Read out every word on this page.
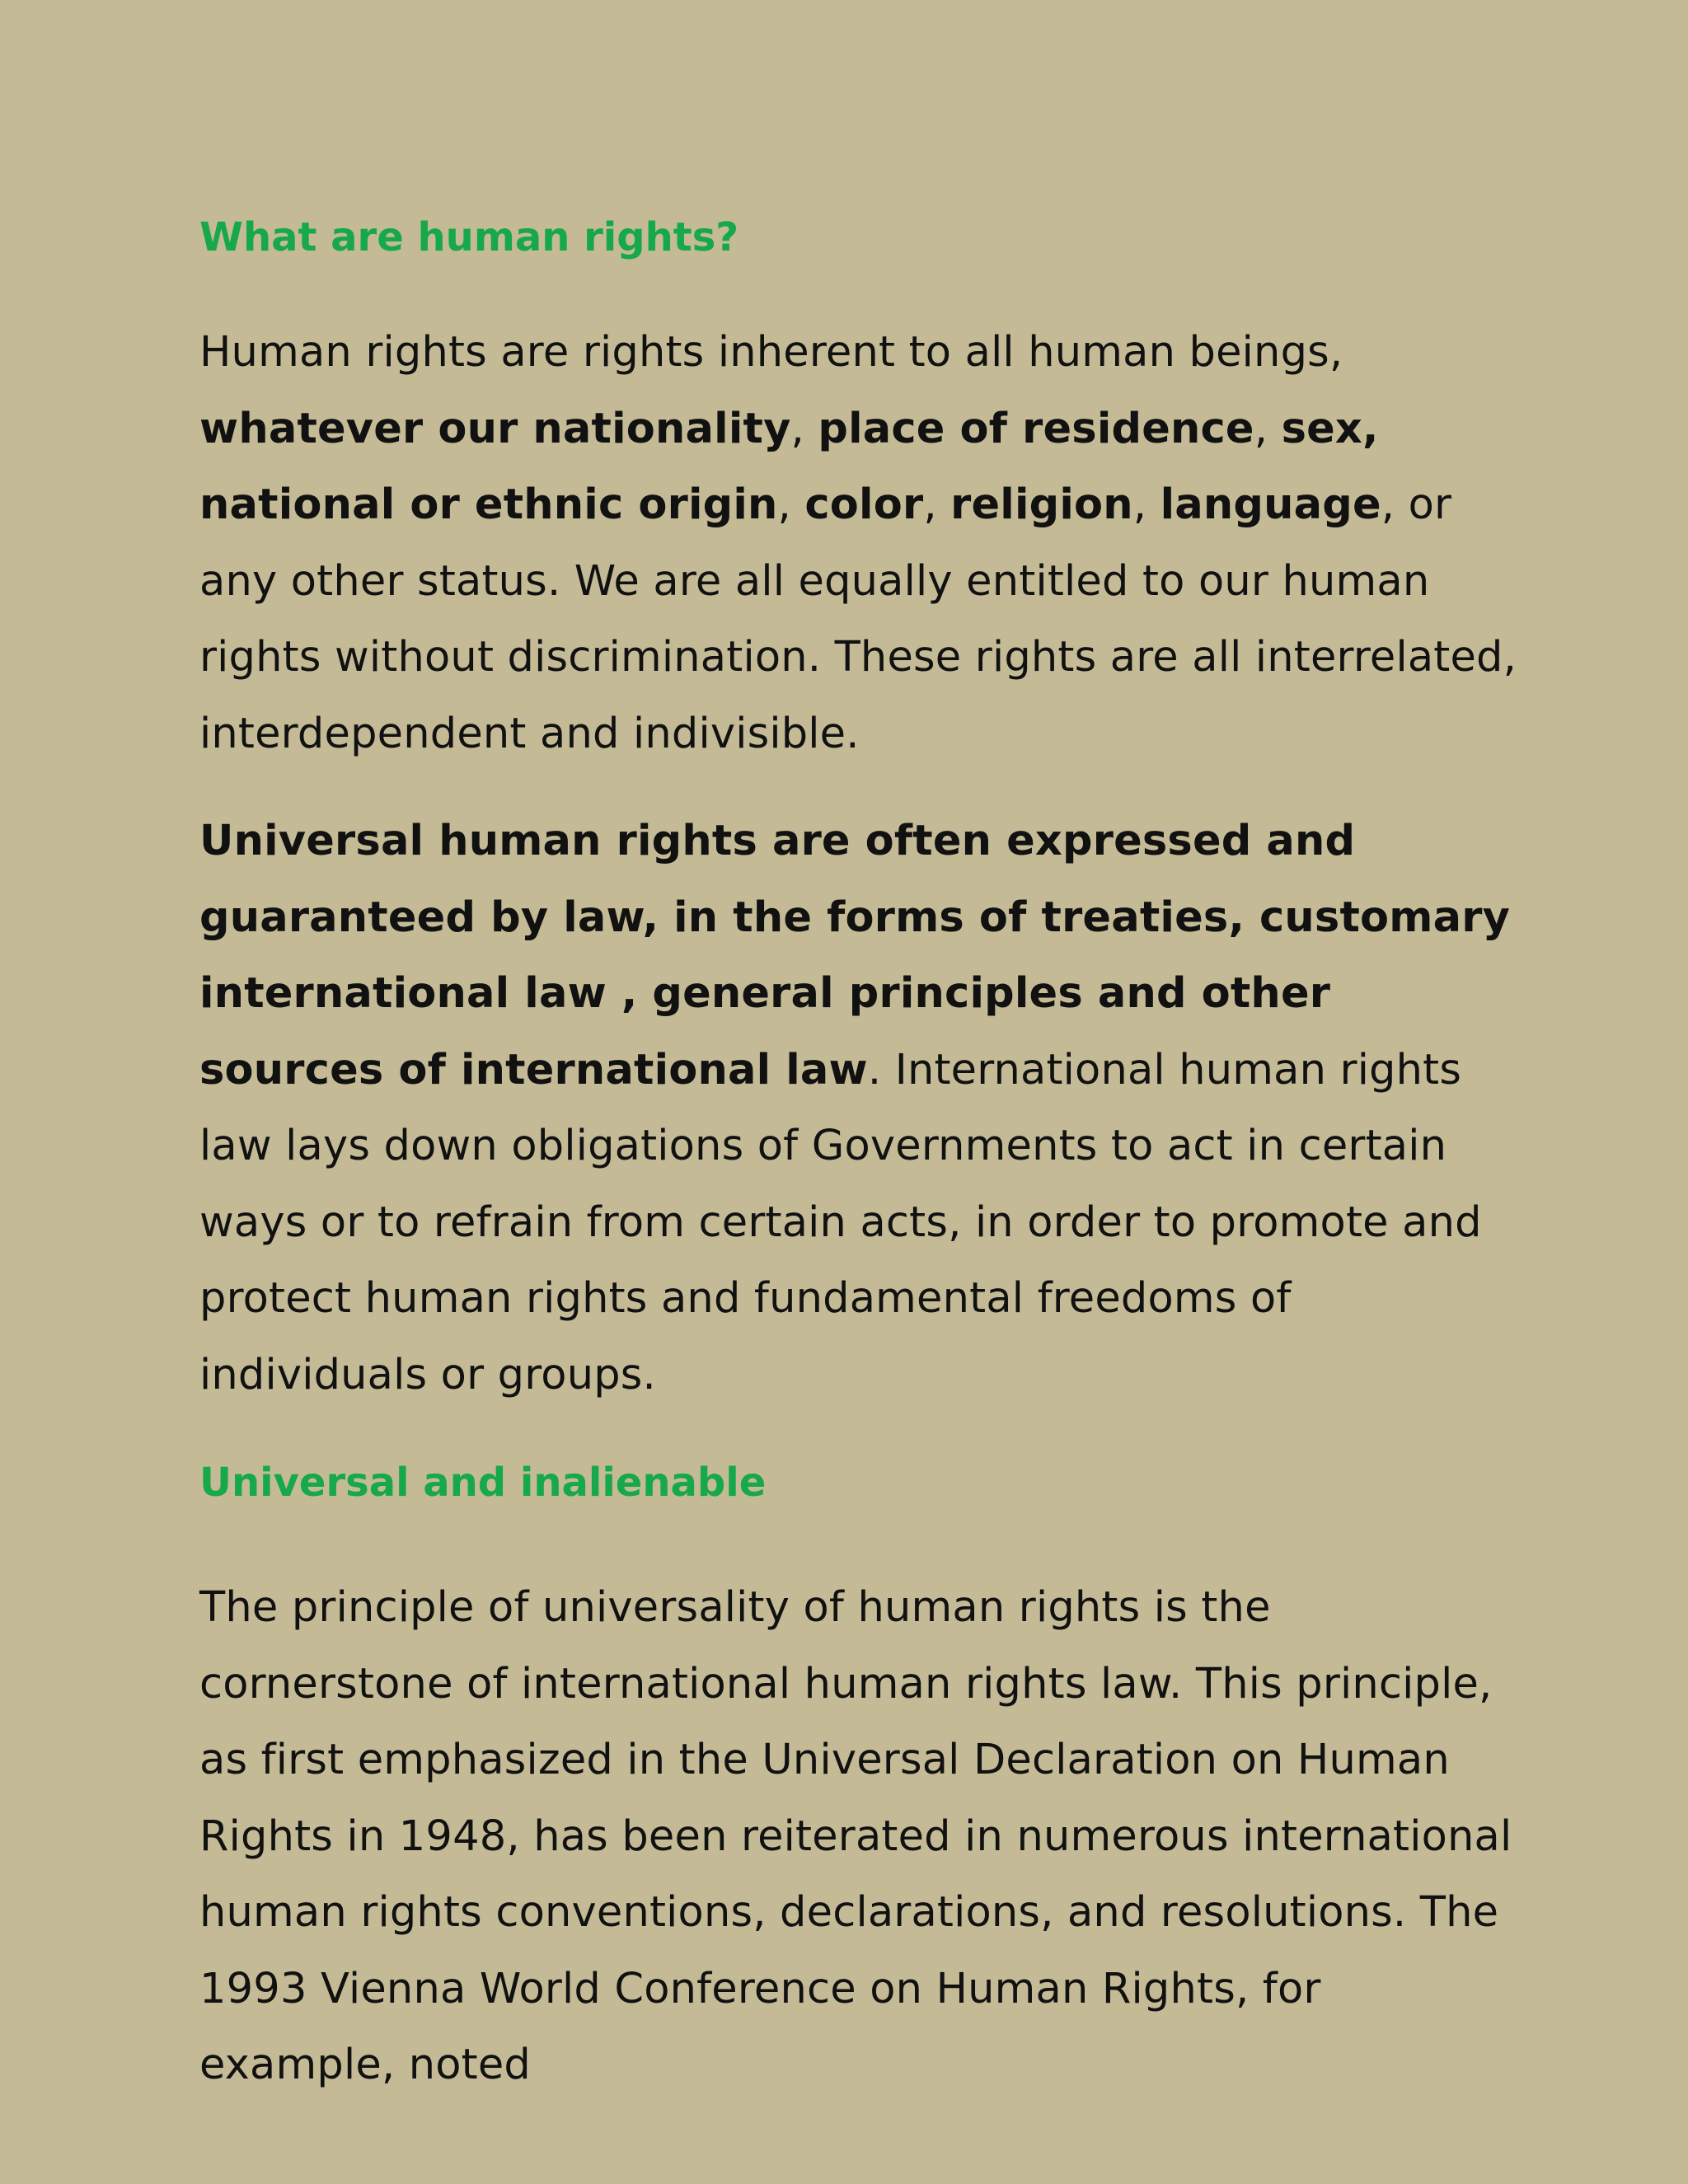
What are human rights?

Human rights are rights inherent to all human beings,
whatever our nationality, place of residence, sex, national or ethnic origin, color, religion, language, or any other status. We are all equally entitled to our human rights without discrimination. These rights are all interrelated, interdependent and indivisible.

Universal human rights are often expressed and guaranteed by law, in the forms of treaties, customary international law , general principles and other sources of international law. International human rights law lays down obligations of Governments to act in certain ways or to refrain from certain acts, in order to promote and protect human rights and fundamental freedoms of individuals or groups.

Universal and inalienable

The principle of universality of human rights is the cornerstone of international human rights law. This principle, as first emphasized in the Universal Declaration on Human Rights in 1948, has been reiterated in numerous international human rights conventions, declarations, and resolutions. The 1993 Vienna World Conference on Human Rights, for example, noted
